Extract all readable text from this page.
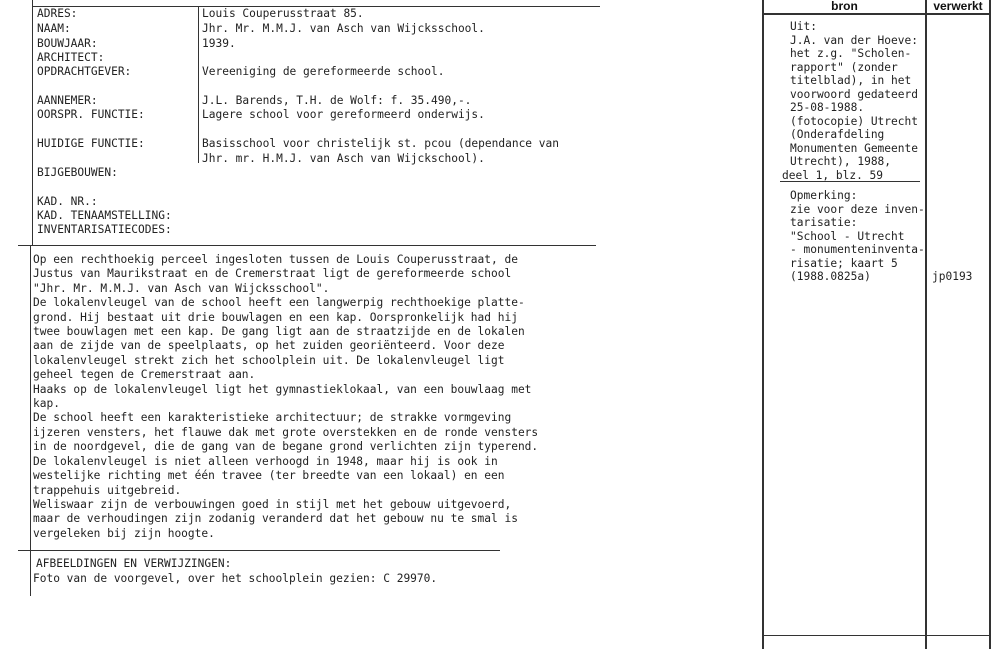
ADRES:	Louis Couperusstraat 85.
NAAM:	Jhr. Mr. M.M.J. van Asch van Wijcksschool.
BOUWJAAR:	1939.
ARCHITECT:
OPDRACHTGEVER:	Vereeniging de gereformeerde school.
AANNEMER:	J.L. Barends, T.H. de Wolf: f. 35.490,-.
OORSPR. FUNCTIE:	Lagere school voor gereformeerd onderwijs.
HUIDIGE FUNCTIE:	Basisschool voor christelijk st. pcou (dependance van
Jhr. mr. H.M.J. van Asch van Wijckschool).
BIJGEBOUWEN:
KAD. NR.:
KAD. TENAAMSTELLING:
INVENTARISATIECODES:
Op een rechthoekig perceel ingesloten tussen de Louis Couperusstraat, de
Justus van Maurikstraat en de Cremerstraat ligt de gereformeerde school
"Jhr. Mr. M.M.J. van Asch van Wijcksschool".
De lokalenvleugel van de school heeft een langwerpig rechthoekige platte-
grond. Hij bestaat uit drie bouwlagen en een kap. Oorspronkelijk had hij
twee bouwlagen met een kap. De gang ligt aan de straatzijde en de lokalen
aan de zijde van de speelplaats, op het zuiden georiënteerd. Voor deze
lokalenvleugel strekt zich het schoolplein uit. De lokalenvleugel ligt
geheel tegen de Cremerstraat aan.
Haaks op de lokalenvleugel ligt het gymnastieklokaal, van een bouwlaag met
kap.
De school heeft een karakteristieke architectuur; de strakke vormgeving
ijzeren vensters, het flauwe dak met grote overstekken en de ronde vensters
in de noordgevel, die de gang van de begane grond verlichten zijn typerend.
De lokalenvleugel is niet alleen verhoogd in 1948, maar hij is ook in
westelijke richting met één travee (ter breedte van een lokaal) en een
trappehuis uitgebreid.
Weliswaar zijn de verbouwingen goed in stijl met het gebouw uitgevoerd,
maar de verhoudingen zijn zodanig veranderd dat het gebouw nu te smal is
vergeleken bij zijn hoogte.
AFBEELDINGEN EN VERWIJZINGEN:
Foto van de voorgevel, over het schoolplein gezien: C 29970.
bron	verwerkt
Uit:
J.A. van der Hoeve:
het z.g. "Scholen-
rapport" (zonder
titelblad), in het
voorwoord gedateerd
25-08-1988.
(fotocopie) Utrecht
(Onderafdeling
Monumenten Gemeente
Utrecht), 1988,
deel 1, blz. 59
Opmerking:
zie voor deze inven-
tarisatie:
"School - Utrecht
- monumenteninventa-
risatie; kaart 5
(1988.0825a)	jp0193
